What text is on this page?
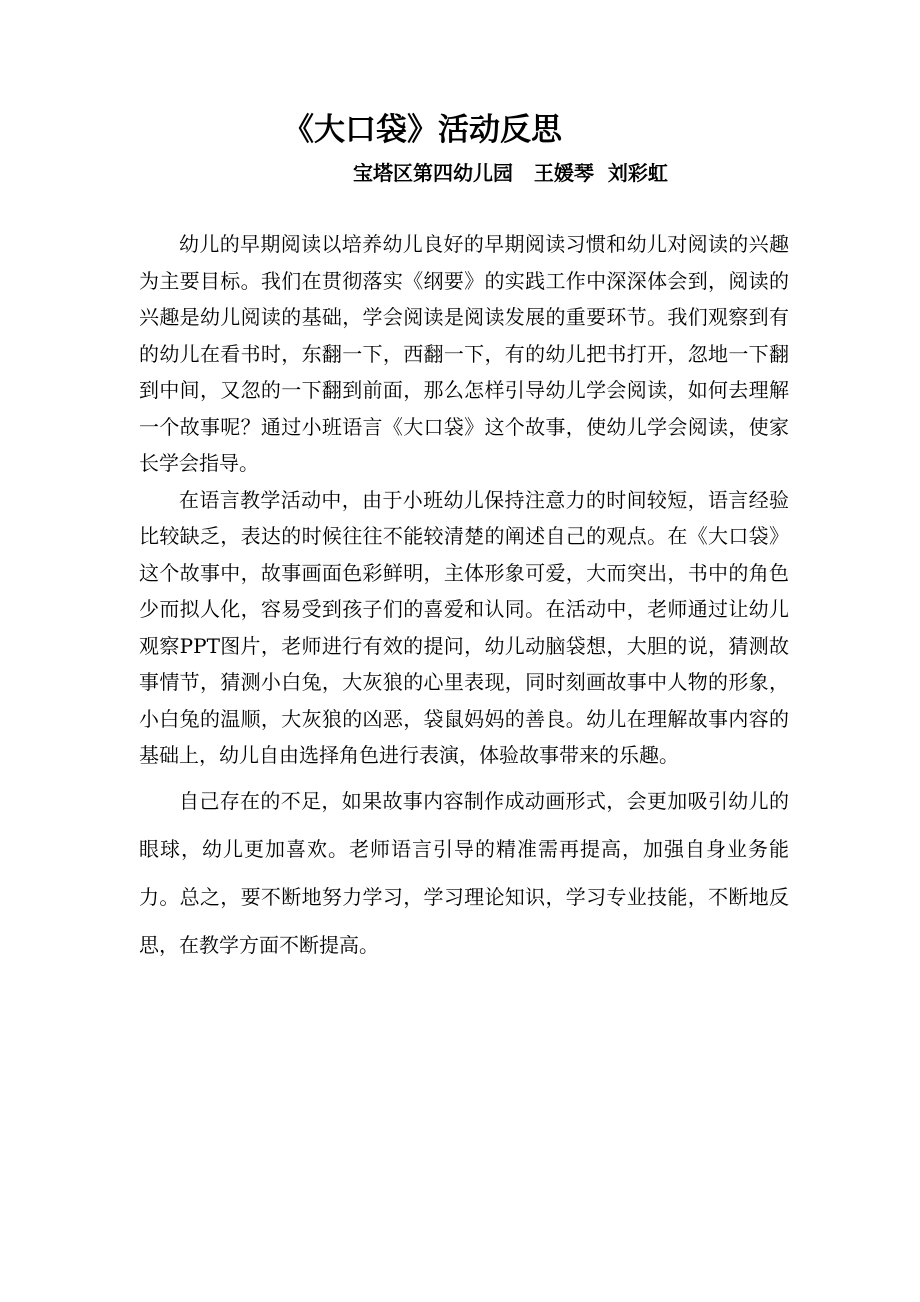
《大口袋》活动反思
宝塔区第四幼儿园   王媛琴  刘彩虹

幼儿的早期阅读以培养幼儿良好的早期阅读习惯和幼儿对阅读的兴趣为主要目标。我们在贯彻落实《纲要》的实践工作中深深体会到，阅读的兴趣是幼儿阅读的基础，学会阅读是阅读发展的重要环节。我们观察到有的幼儿在看书时，东翻一下，西翻一下，有的幼儿把书打开，忽地一下翻到中间，又忽的一下翻到前面，那么怎样引导幼儿学会阅读，如何去理解一个故事呢？通过小班语言《大口袋》这个故事，使幼儿学会阅读，使家长学会指导。

在语言教学活动中，由于小班幼儿保持注意力的时间较短，语言经验比较缺乏，表达的时候往往不能较清楚的阐述自己的观点。在《大口袋》这个故事中，故事画面色彩鲜明，主体形象可爱，大而突出，书中的角色少而拟人化，容易受到孩子们的喜爱和认同。在活动中，老师通过让幼儿观察PPT图片，老师进行有效的提问，幼儿动脑袋想，大胆的说，猜测故事情节，猜测小白兔，大灰狼的心里表现，同时刻画故事中人物的形象，小白兔的温顺，大灰狼的凶恶，袋鼠妈妈的善良。幼儿在理解故事内容的基础上，幼儿自由选择角色进行表演，体验故事带来的乐趣。

自己存在的不足，如果故事内容制作成动画形式，会更加吸引幼儿的眼球，幼儿更加喜欢。老师语言引导的精准需再提高，加强自身业务能力。总之，要不断地努力学习，学习理论知识，学习专业技能，不断地反思，在教学方面不断提高。
